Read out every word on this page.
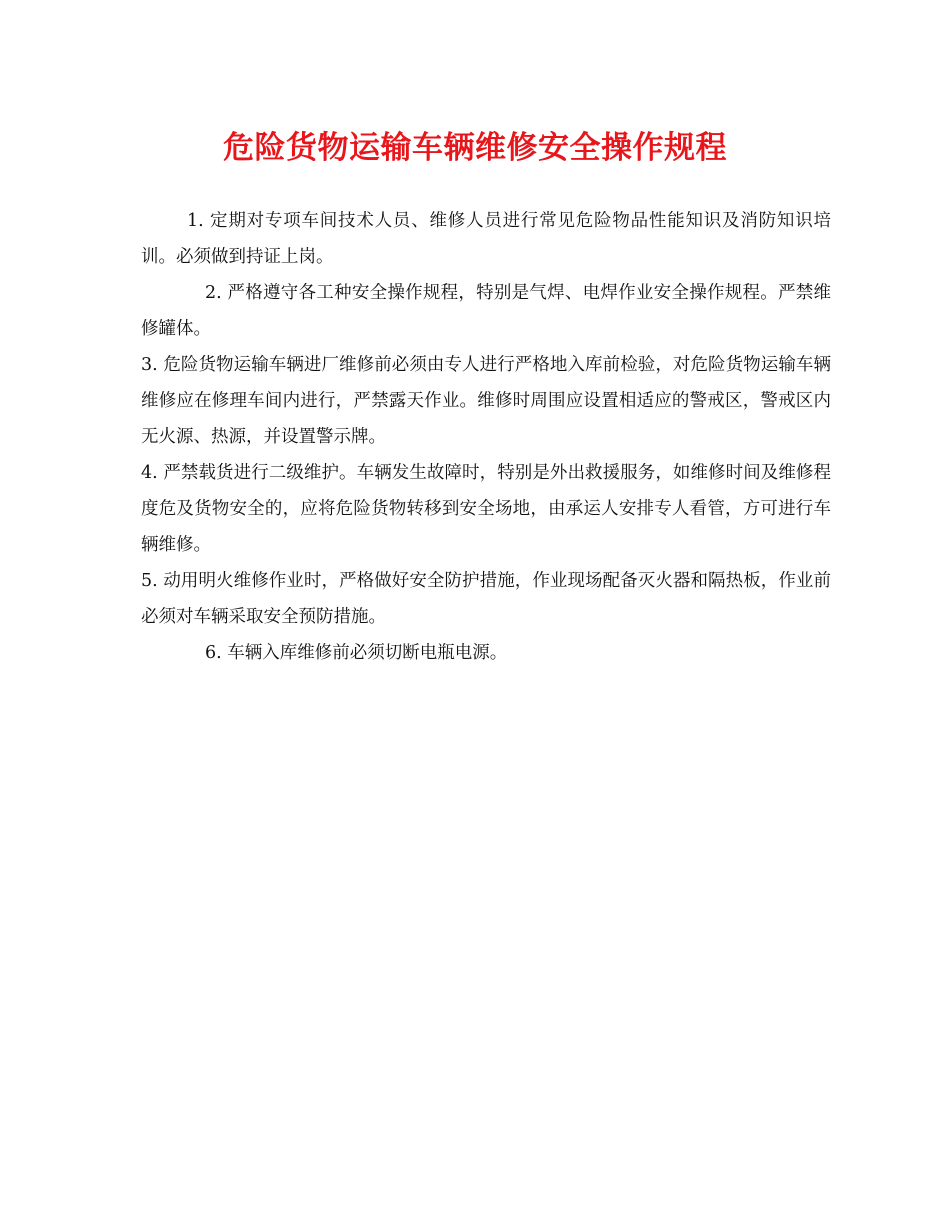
危险货物运输车辆维修安全操作规程

1. 定期对专项车间技术人员、维修人员进行常见危险物品性能知识及消防知识培训。必须做到持证上岗。

2. 严格遵守各工种安全操作规程，特别是气焊、电焊作业安全操作规程。严禁维修罐体。

3. 危险货物运输车辆进厂维修前必须由专人进行严格地入库前检验，对危险货物运输车辆维修应在修理车间内进行，严禁露天作业。维修时周围应设置相适应的警戒区，警戒区内无火源、热源，并设置警示牌。

4. 严禁载货进行二级维护。车辆发生故障时，特别是外出救援服务，如维修时间及维修程度危及货物安全的，应将危险货物转移到安全场地，由承运人安排专人看管，方可进行车辆维修。

5. 动用明火维修作业时，严格做好安全防护措施，作业现场配备灭火器和隔热板，作业前必须对车辆采取安全预防措施。

6. 车辆入库维修前必须切断电瓶电源。
